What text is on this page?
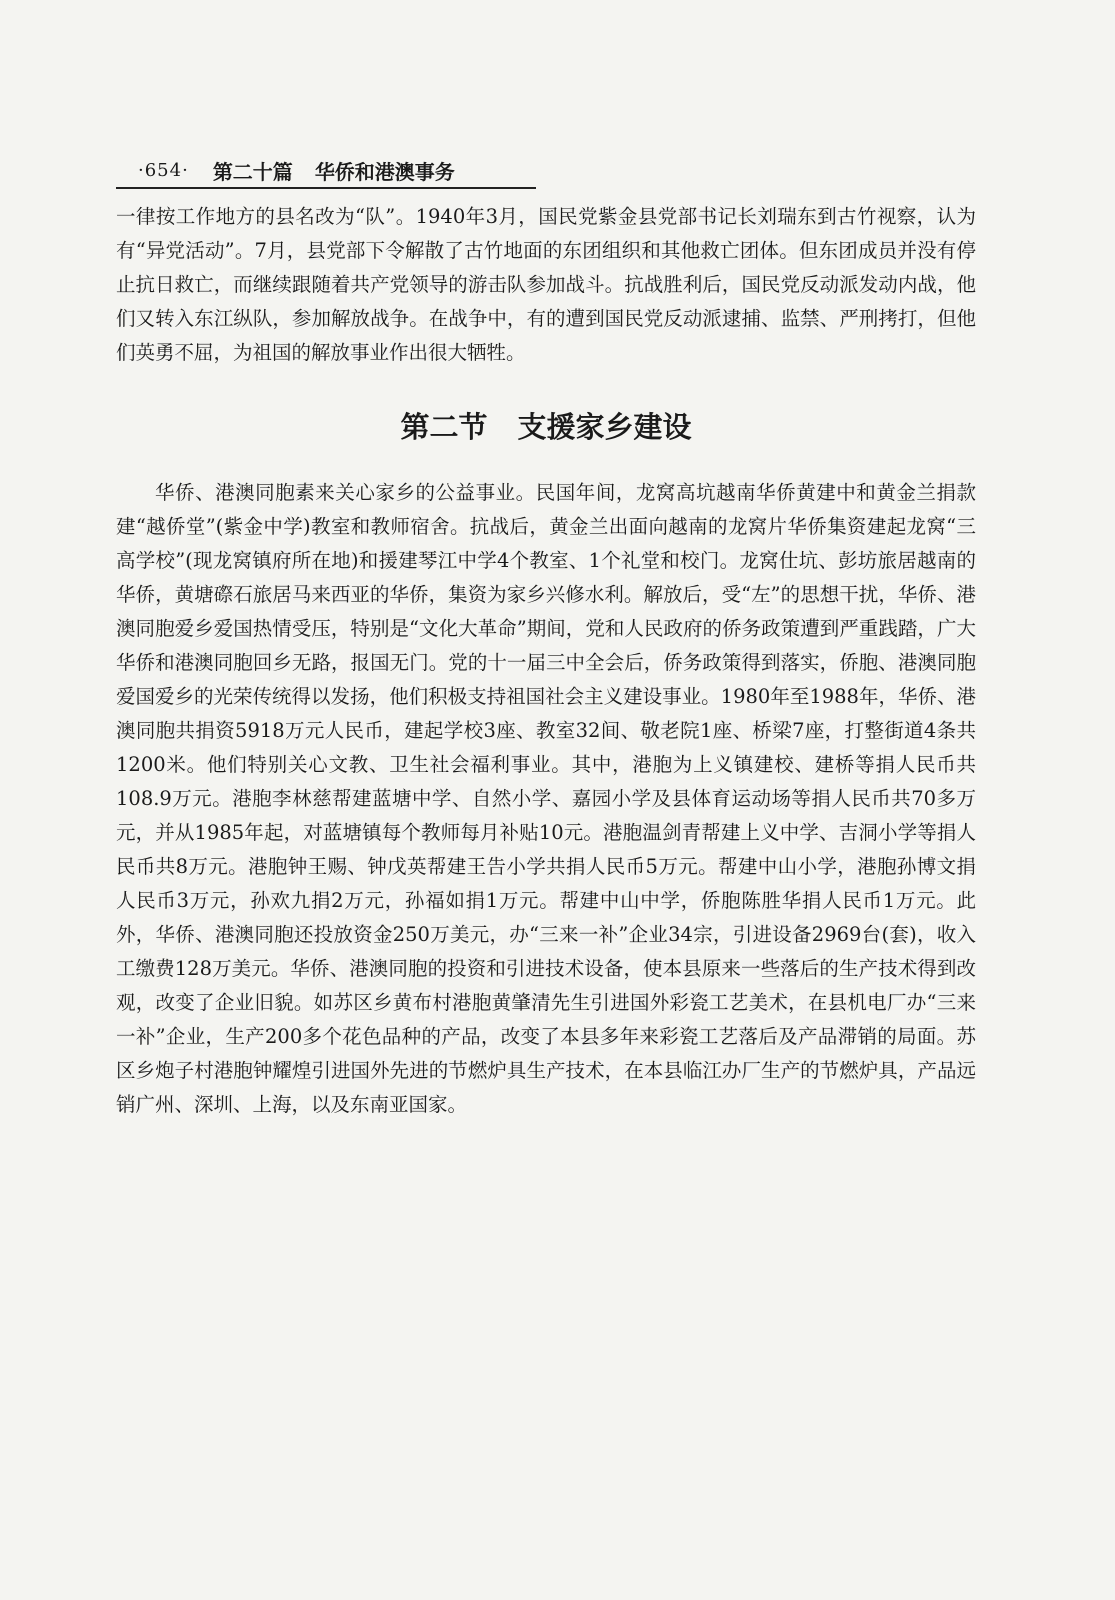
·654· 第二十篇 华侨和港澳事务

一律按工作地方的县名改为“队”。1940年3月，国民党紫金县党部书记长刘瑞东到古竹视察，认为有“异党活动”。7月，县党部下令解散了古竹地面的东团组织和其他救亡团体。但东团成员并没有停止抗日救亡，而继续跟随着共产党领导的游击队参加战斗。抗战胜利后，国民党反动派发动内战，他们又转入东江纵队，参加解放战争。在战争中，有的遭到国民党反动派逮捕、监禁、严刑拷打，但他们英勇不屈，为祖国的解放事业作出很大牺牲。

第二节 支援家乡建设

华侨、港澳同胞素来关心家乡的公益事业。民国年间，龙窝高坑越南华侨黄建中和黄金兰捐款建“越侨堂”(紫金中学)教室和教师宿舍。抗战后，黄金兰出面向越南的龙窝片华侨集资建起龙窝“三高学校”(现龙窝镇府所在地)和援建琴江中学4个教室、1个礼堂和校门。龙窝仕坑、彭坊旅居越南的华侨，黄塘磜石旅居马来西亚的华侨，集资为家乡兴修水利。解放后，受“左”的思想干扰，华侨、港澳同胞爱乡爱国热情受压，特别是“文化大革命”期间，党和人民政府的侨务政策遭到严重践踏，广大华侨和港澳同胞回乡无路，报国无门。党的十一届三中全会后，侨务政策得到落实，侨胞、港澳同胞爱国爱乡的光荣传统得以发扬，他们积极支持祖国社会主义建设事业。1980年至1988年，华侨、港澳同胞共捐资5918万元人民币，建起学校3座、教室32间、敬老院1座、桥梁7座，打整街道4条共1200米。他们特别关心文教、卫生社会福利事业。其中，港胞为上义镇建校、建桥等捐人民币共108.9万元。港胞李林慈帮建蓝塘中学、自然小学、嘉园小学及县体育运动场等捐人民币共70多万元，并从1985年起，对蓝塘镇每个教师每月补贴10元。港胞温剑青帮建上义中学、吉洞小学等捐人民币共8万元。港胞钟王赐、钟戊英帮建王告小学共捐人民币5万元。帮建中山小学，港胞孙博文捐人民币3万元，孙欢九捐2万元，孙福如捐1万元。帮建中山中学，侨胞陈胜华捐人民币1万元。此外，华侨、港澳同胞还投放资金250万美元，办“三来一补”企业34宗，引进设备2969台(套)，收入工缴费128万美元。华侨、港澳同胞的投资和引进技术设备，使本县原来一些落后的生产技术得到改观，改变了企业旧貌。如苏区乡黄布村港胞黄肇清先生引进国外彩瓷工艺美术，在县机电厂办“三来一补”企业，生产200多个花色品种的产品，改变了本县多年来彩瓷工艺落后及产品滞销的局面。苏区乡炮子村港胞钟耀煌引进国外先进的节燃炉具生产技术，在本县临江办厂生产的节燃炉具，产品远销广州、深圳、上海，以及东南亚国家。
